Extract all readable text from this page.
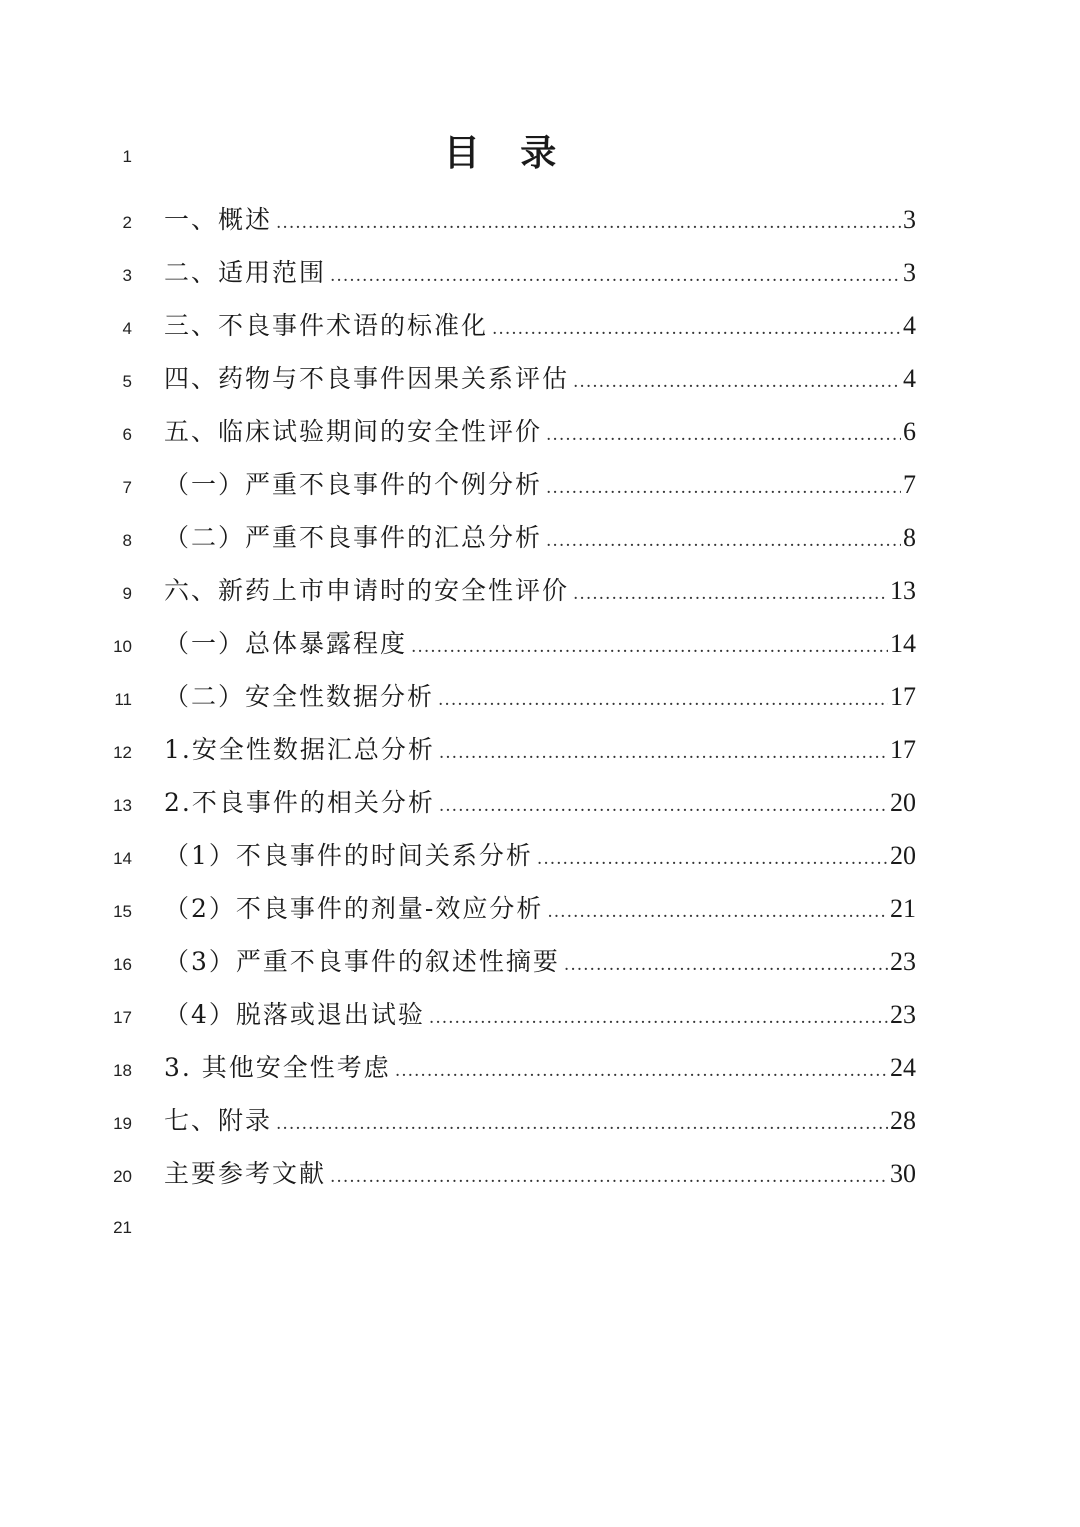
1
2
3
4
5
6
7
8
9
10
11
12
13
14
15
16
17
18
19
20
21
目 录
一、概述 .....	3
二、适用范围 .....	3
三、不良事件术语的标准化 .....	4
四、药物与不良事件因果关系评估 .....	4
五、临床试验期间的安全性评价 .....	6
（一）严重不良事件的个例分析 .....	7
（二）严重不良事件的汇总分析 .....	8
六、新药上市申请时的安全性评价 .....	13
（一）总体暴露程度 .....	14
（二）安全性数据分析 .....	17
1.安全性数据汇总分析 .....	17
2.不良事件的相关分析 .....	20
（1）不良事件的时间关系分析 .....	20
（2）不良事件的剂量-效应分析 .....	21
（3）严重不良事件的叙述性摘要 .....	23
（4）脱落或退出试验 .....	23
3. 其他安全性考虑 .....	24
七、附录 .....	28
主要参考文献 .....	30
